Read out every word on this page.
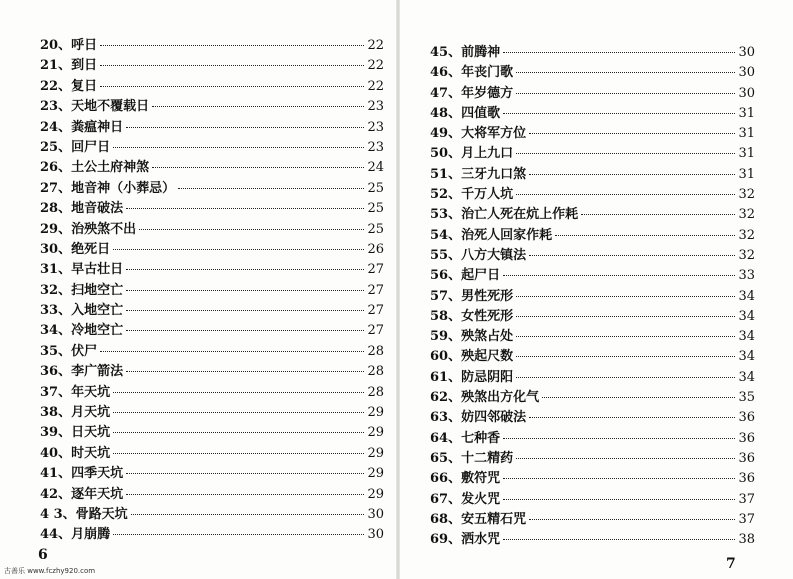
20、 呼日	22
21、 到日	22
22、 复日	22
23、 天地不覆载日	23
24、 粪瘟神日	23
25、 回尸日	23
26、 土公土府神煞	24
27、 地音神（小葬忌）	25
28、 地音破法	25
29、 治殃煞不出	25
30、 绝死日	26
31、 早古壮日	27
32、 扫地空亡	27
33、 入地空亡	27
34、 冷地空亡	27
35、 伏尸	28
36、 李广箭法	28
37、 年天坑	28
38、 月天坑	29
39、 日天坑	29
40、 时天坑	29
41、 四季天坑	29
42、 逐年天坑	29
4 3、 骨路天坑	30
44、 月崩腾	30
6
45、 前腾神	30
46、 年丧门歌	30
47、 年岁德方	30
48、 四值歌	31
49、 大将军方位	31
50、 月上九口	31
51、 三牙九口煞	31
52、 千万人坑	32
53、 治亡人死在炕上作耗	32
54、 治死人回家作耗	32
55、 八方大镇法	32
56、 起尸日	33
57、 男性死形	34
58、 女性死形	34
59、 殃煞占处	34
60、 殃起尺数	34
61、 防忌阴阳	34
62、 殃煞出方化气	35
63、 妨四邻破法	36
64、 七种香	36
65、 十二精药	36
66、 敷符咒	36
67、 发火咒	37
68、 安五精石咒	37
69、 洒水咒	38
7
古善乐 www.fczhy920.com
